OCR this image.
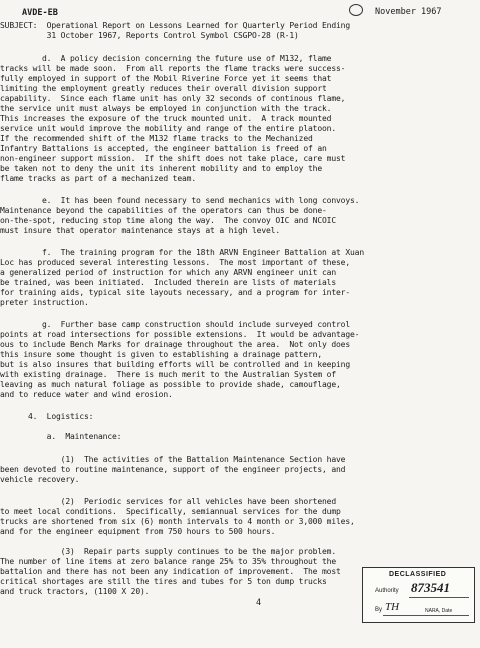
AVDE-EB	November 1967
SUBJECT:  Operational Report on Lessons Learned for Quarterly Period Ending
31 October 1967, Reports Control Symbol CSGPO-28 (R-1)
d.  A policy decision concerning the future use of M132, flame
tracks will be made soon.  From all reports the flame tracks were success-
fully employed in support of the Mobil Riverine Force yet it seems that
limiting the employment greatly reduces their overall division support
capability.  Since each flame unit has only 32 seconds of continous flame,
the service unit must always be employed in conjunction with the track.
This increases the exposure of the truck mounted unit.  A track mounted
service unit would improve the mobility and range of the entire platoon.
If the recommended shift of the M132 flame tracks to the Mechanized
Infantry Battalions is accepted, the engineer battalion is freed of an
non-engineer support mission.  If the shift does not take place, care must
be taken not to deny the unit its inherent mobility and to employ the
flame tracks as part of a mechanized team.
e.  It has been found necessary to send mechanics with long convoys.
Maintenance beyond the capabilities of the operators can thus be done-
on-the-spot, reducing stop time along the way.  The convoy OIC and NCOIC
must insure that operator maintenance stays at a high level.
f.  The training program for the 18th ARVN Engineer Battalion at Xuan
Loc has produced several interesting lessons.  The most important of these,
a generalized period of instruction for which any ARVN engineer unit can
be trained, was been initiated.  Included therein are lists of materials
for training aids, typical site layouts necessary, and a program for inter-
preter instruction.
g.  Further base camp construction should include surveyed control
points at road intersections for possible extensions.  It would be advantage-
ous to include Bench Marks for drainage throughout the area.  Not only does
this insure some thought is given to establishing a drainage pattern,
but is also insures that building efforts will be controlled and in keeping
with existing drainage.  There is much merit to the Australian System of
leaving as much natural foliage as possible to provide shade, camouflage,
and to reduce water and wind erosion.
4.  Logistics:
a.  Maintenance:
(1)  The activities of the Battalion Maintenance Section have
been devoted to routine maintenance, support of the engineer projects, and
vehicle recovery.
(2)  Periodic services for all vehicles have been shortened
to meet local conditions.  Specifically, semiannual services for the dump
trucks are shortened from six (6) month intervals to 4 month or 3,000 miles,
and for the engineer equipment from 750 hours to 500 hours.
(3)  Repair parts supply continues to be the major problem.
The number of line items at zero balance range 25% to 35% throughout the
battalion and there has not been any indication of improvement.  The most
critical shortages are still the tires and tubes for 5 ton dump trucks
and truck tractors, (1100 X 20).
4
DECLASSIFIED
Authority 873541
By TH	NARA, Date
